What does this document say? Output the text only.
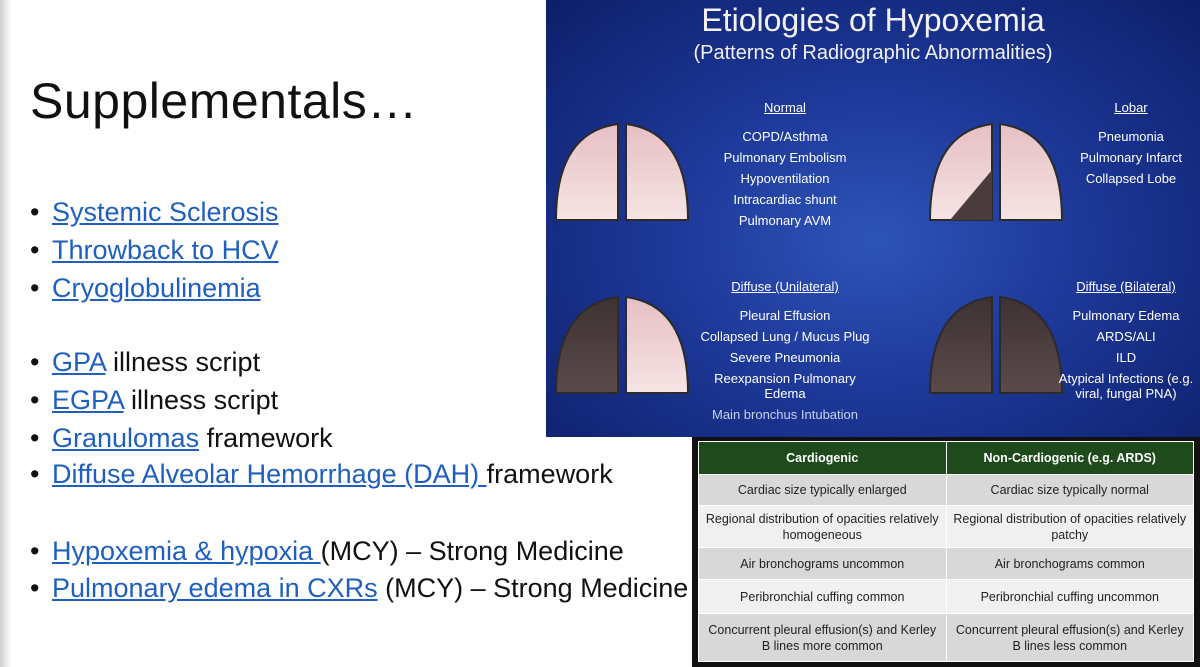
Supplementals…
• Systemic Sclerosis
• Throwback to HCV
• Cryoglobulinemia
• GPA illness script
• EGPA illness script
• Granulomas framework
• Diffuse Alveolar Hemorrhage (DAH) framework
• Hypoxemia & hypoxia (MCY) – Strong Medicine
• Pulmonary edema in CXRs (MCY) – Strong Medicine
Etiologies of Hypoxemia
(Patterns of Radiographic Abnormalities)
Normal
COPD/Asthma
Pulmonary Embolism
Hypoventilation
Intracardiac shunt
Pulmonary AVM
Lobar
Pneumonia
Pulmonary Infarct
Collapsed Lobe
Diffuse (Unilateral)
Pleural Effusion
Collapsed Lung / Mucus Plug
Severe Pneumonia
Reexpansion Pulmonary Edema
Main bronchus Intubation
Diffuse (Bilateral)
Pulmonary Edema
ARDS/ALI
ILD
Atypical Infections (e.g. viral, fungal PNA)
Cardiogenic	Non-Cardiogenic (e.g. ARDS)
Cardiac size typically enlarged	Cardiac size typically normal
Regional distribution of opacities relatively homogeneous	Regional distribution of opacities relatively patchy
Air bronchograms uncommon	Air bronchograms common
Peribronchial cuffing common	Peribronchial cuffing uncommon
Concurrent pleural effusion(s) and Kerley B lines more common	Concurrent pleural effusion(s) and Kerley B lines less common
